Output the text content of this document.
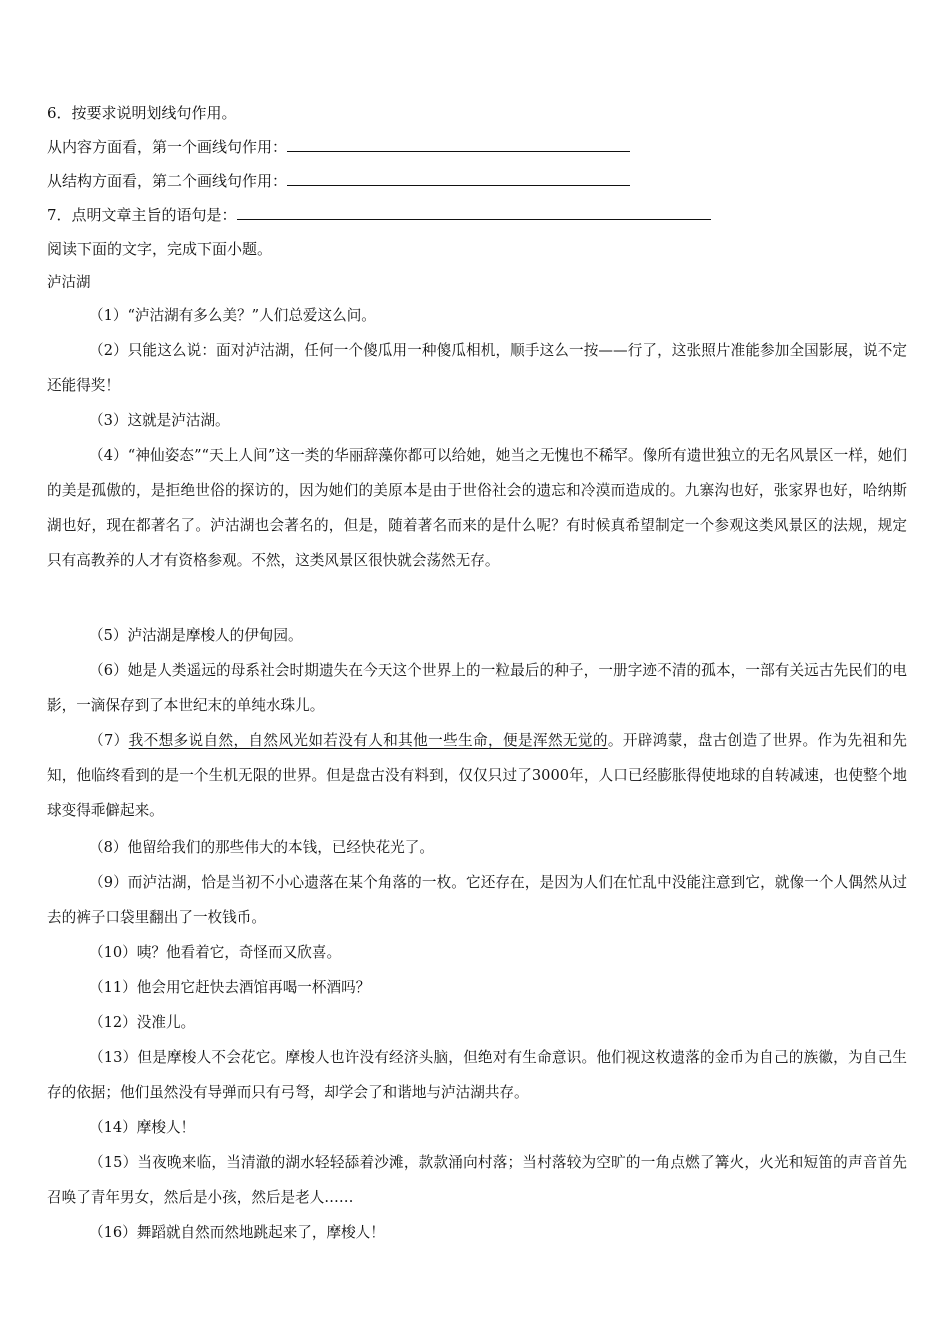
6．按要求说明划线句作用。
从内容方面看，第一个画线句作用：
从结构方面看，第二个画线句作用：
7．点明文章主旨的语句是：
阅读下面的文字，完成下面小题。
泸沽湖
（1）“泸沽湖有多么美？”人们总爱这么问。
（2）只能这么说：面对泸沽湖，任何一个傻瓜用一种傻瓜相机，顺手这么一按——行了，这张照片准能参加全国影展，说不定还能得奖！
（3）这就是泸沽湖。
（4）“神仙姿态”“天上人间”这一类的华丽辞藻你都可以给她，她当之无愧也不稀罕。像所有遗世独立的无名风景区一样，她们的美是孤傲的，是拒绝世俗的探访的，因为她们的美原本是由于世俗社会的遗忘和冷漠而造成的。九寨沟也好，张家界也好，哈纳斯湖也好，现在都著名了。泸沽湖也会著名的，但是，随着著名而来的是什么呢？有时候真希望制定一个参观这类风景区的法规，规定只有高教养的人才有资格参观。不然，这类风景区很快就会荡然无存。
（5）泸沽湖是摩梭人的伊甸园。
（6）她是人类遥远的母系社会时期遗失在今天这个世界上的一粒最后的种子，一册字迹不清的孤本，一部有关远古先民们的电影，一滴保存到了本世纪末的单纯水珠儿。
（7）我不想多说自然，自然风光如若没有人和其他一些生命，便是浑然无觉的。开辟鸿蒙，盘古创造了世界。作为先祖和先知，他临终看到的是一个生机无限的世界。但是盘古没有料到，仅仅只过了3000年，人口已经膨胀得使地球的自转减速，也使整个地球变得乖僻起来。
（8）他留给我们的那些伟大的本钱，已经快花光了。
（9）而泸沽湖，恰是当初不小心遗落在某个角落的一枚。它还存在，是因为人们在忙乱中没能注意到它，就像一个人偶然从过去的裤子口袋里翻出了一枚钱币。
（10）咦？他看着它，奇怪而又欣喜。
（11）他会用它赶快去酒馆再喝一杯酒吗？
（12）没准儿。
（13）但是摩梭人不会花它。摩梭人也许没有经济头脑，但绝对有生命意识。他们视这枚遗落的金币为自己的族徽，为自己生存的依据；他们虽然没有导弹而只有弓弩，却学会了和谐地与泸沽湖共存。
（14）摩梭人！
（15）当夜晚来临，当清澈的湖水轻轻舔着沙滩，款款涌向村落；当村落较为空旷的一角点燃了篝火，火光和短笛的声音首先召唤了青年男女，然后是小孩，然后是老人……
（16）舞蹈就自然而然地跳起来了，摩梭人！
